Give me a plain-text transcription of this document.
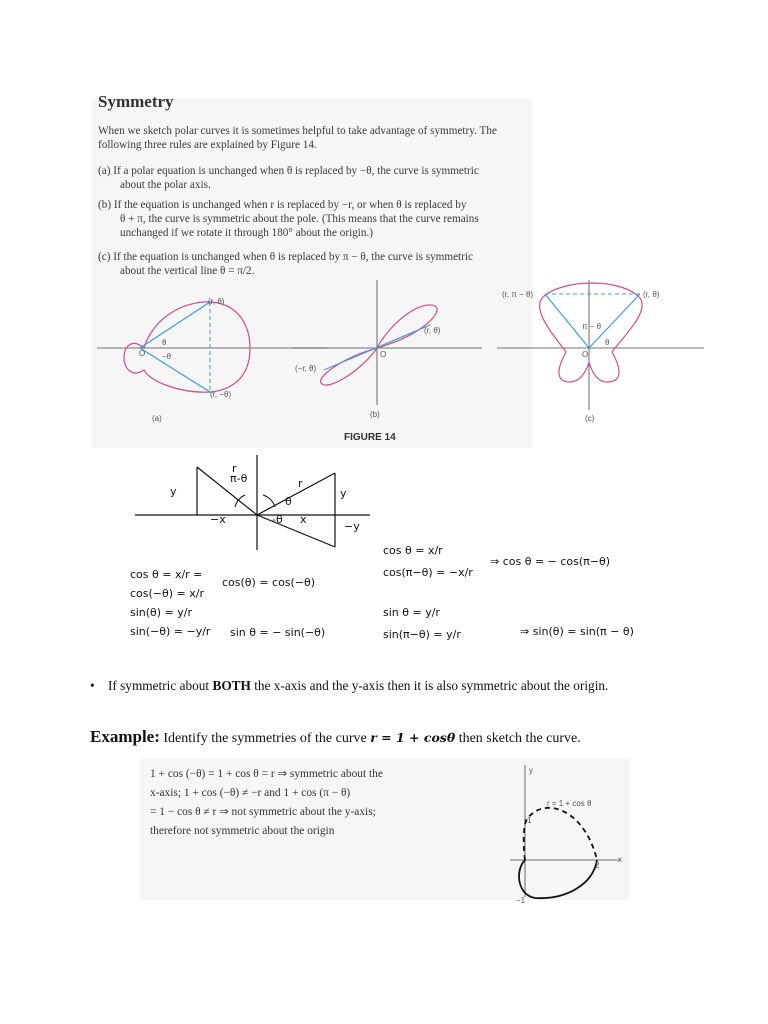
Symmetry
When we sketch polar curves it is sometimes helpful to take advantage of symmetry. The
following three rules are explained by Figure 14.
(a) If a polar equation is unchanged when θ is replaced by −θ, the curve is symmetric
about the polar axis.
(b) If the equation is unchanged when r is replaced by −r, or when θ is replaced by
θ + π, the curve is symmetric about the pole. (This means that the curve remains
unchanged if we rotate it through 180° about the origin.)
(c) If the equation is unchanged when θ is replaced by π − θ, the curve is symmetric
about the vertical line θ = π/2.
(r, θ)
(r, −θ)
O
θ
−θ
(a)
(r, θ)
(−r, θ)
O
(b)
(r, π − θ)	(r, θ)
O
π − θ
θ
(c)
FIGURE 14
π-θ
r
r
θ
y	y
−x	x
-θ
−y
cos θ = x/r =
cos(−θ) = x/r
sin(θ) = y/r
sin(−θ) = −y/r
cos(θ) = cos(−θ)
sin θ = − sin(−θ)
cos θ = x/r
cos(π−θ) = −x/r
sin θ = y/r
sin(π−θ) = y/r
⇒ cos θ = − cos(π−θ)
⇒ sin(θ) = sin(π − θ)
•    If symmetric about BOTH the x-axis and the y-axis then it is also symmetric about the origin.
Example: Identify the symmetries of the curve r = 1 + cosθ then sketch the curve.
1 + cos (−θ) = 1 + cos θ = r ⇒ symmetric about the
x-axis; 1 + cos (−θ) ≠ −r and 1 + cos (π − θ)
= 1 − cos θ ≠ r ⇒ not symmetric about the y-axis;
therefore not symmetric about the origin
r = 1 + cos θ
y
x
1
2
−1
